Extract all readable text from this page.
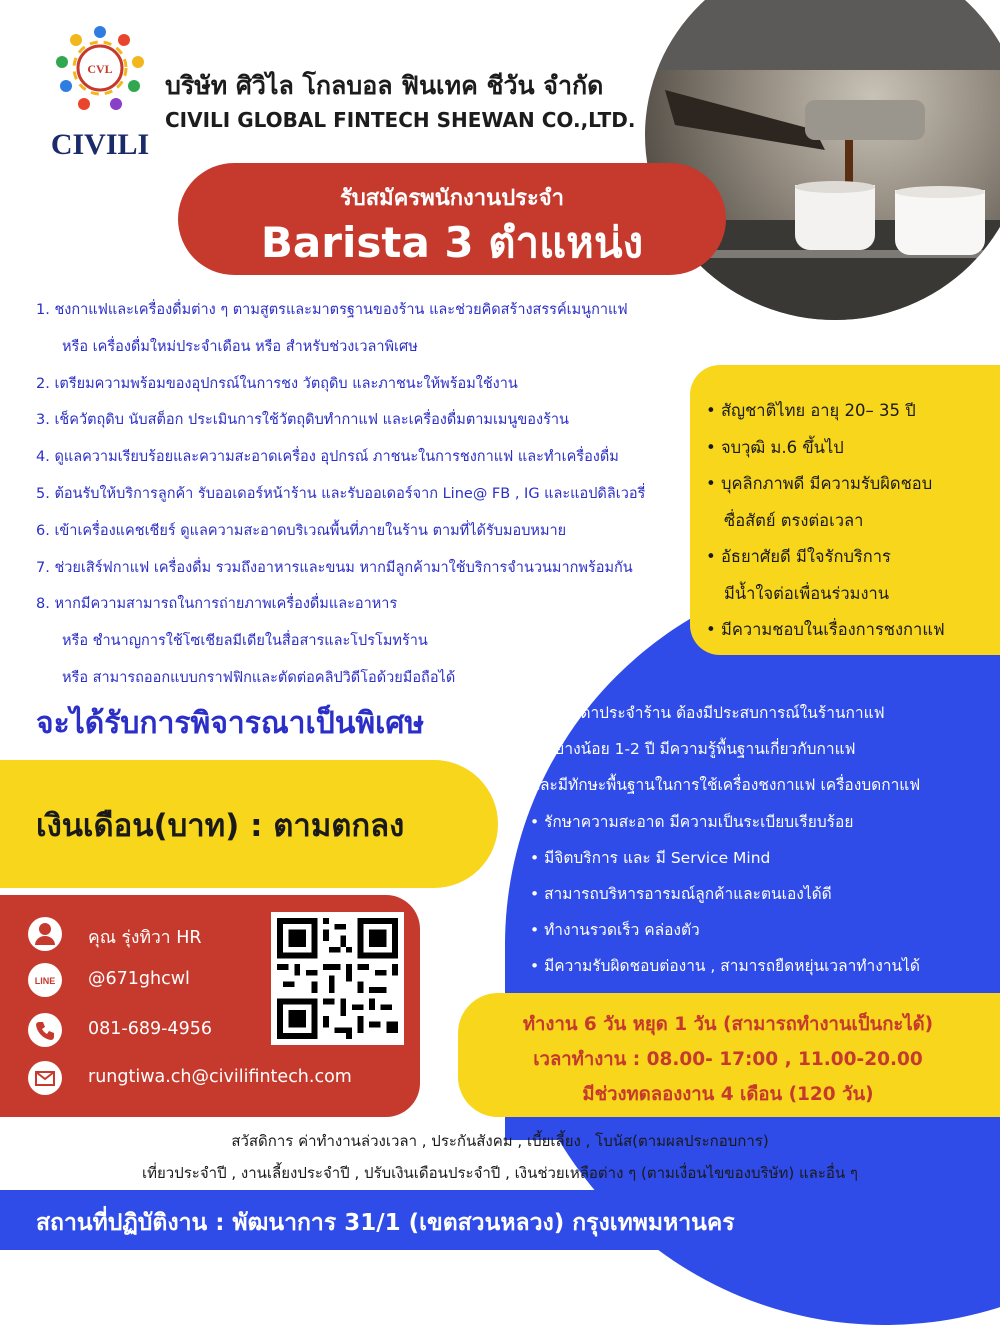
CVL
CIVILI
บริษัท ศิวิไล โกลบอล ฟินเทค ชีวัน จำกัด
CIVILI GLOBAL FINTECH SHEWAN CO.,LTD.
รับสมัครพนักงานประจำ
Barista 3 ตำแหน่ง
1. ชงกาแฟและเครื่องดื่มต่าง ๆ ตามสูตรและมาตรฐานของร้าน และช่วยคิดสร้างสรรค์เมนูกาแฟ
หรือ เครื่องดื่มใหม่ประจำเดือน หรือ สำหรับช่วงเวลาพิเศษ
2. เตรียมความพร้อมของอุปกรณ์ในการชง วัตถุดิบ และภาชนะให้พร้อมใช้งาน
3. เช็ควัตถุดิบ นับสต็อก ประเมินการใช้วัตถุดิบทำกาแฟ และเครื่องดื่มตามเมนูของร้าน
4. ดูแลความเรียบร้อยและความสะอาดเครื่อง อุปกรณ์ ภาชนะในการชงกาแฟ และทำเครื่องดื่ม
5. ต้อนรับให้บริการลูกค้า รับออเดอร์หน้าร้าน และรับออเดอร์จาก Line@ FB , IG และแอปดิลิเวอรี่
6. เข้าเครื่องแคชเชียร์ ดูแลความสะอาดบริเวณพื้นที่ภายในร้าน ตามที่ได้รับมอบหมาย
7. ช่วยเสิร์ฟกาแฟ เครื่องดื่ม รวมถึงอาหารและขนม หากมีลูกค้ามาใช้บริการจำนวนมากพร้อมกัน
8. หากมีความสามารถในการถ่ายภาพเครื่องดื่มและอาหาร
หรือ ชำนาญการใช้โซเชียลมีเดียในสื่อสารและโปรโมทร้าน
หรือ สามารถออกแบบกราฟฟิกและตัดต่อคลิปวิดีโอด้วยมือถือได้
• สัญชาติไทย อายุ 20– 35 ปี
• จบวุฒิ ม.6 ขึ้นไป
• บุคลิกภาพดี มีความรับผิดชอบ
ซื่อสัตย์ ตรงต่อเวลา
• อัธยาศัยดี มีใจรักบริการ
มีน้ำใจต่อเพื่อนร่วมงาน
• มีความชอบในเรื่องการชงกาแฟ
จะได้รับการพิจารณาเป็นพิเศษ
เงินเดือน(บาท) : ตามตกลง
• บาริสต้าประจำร้าน ต้องมีประสบการณ์ในร้านกาแฟ
อย่างน้อย 1-2 ปี มีความรู้พื้นฐานเกี่ยวกับกาแฟ
และมีทักษะพื้นฐานในการใช้เครื่องชงกาแฟ เครื่องบดกาแฟ
• รักษาความสะอาด มีความเป็นระเบียบเรียบร้อย
• มีจิตบริการ และ มี Service Mind
• สามารถบริหารอารมณ์ลูกค้าและตนเองได้ดี
• ทำงานรวดเร็ว คล่องตัว
• มีความรับผิดชอบต่องาน , สามารถยืดหยุ่นเวลาทำงานได้
คุณ รุ่งทิวา HR
LINE @671ghcwl
081-689-4956
rungtiwa.ch@civilifintech.com
ทำงาน 6 วัน หยุด 1 วัน (สามารถทำงานเป็นกะได้)
เวลาทำงาน : 08.00- 17:00 , 11.00-20.00
มีช่วงทดลองงาน 4 เดือน (120 วัน)
สวัสดิการ ค่าทำงานล่วงเวลา , ประกันสังคม , เบี้ยเลี้ยง , โบนัส(ตามผลประกอบการ)
เที่ยวประจำปี , งานเลี้ยงประจำปี , ปรับเงินเดือนประจำปี , เงินช่วยเหลือต่าง ๆ (ตามเงื่อนไขของบริษัท) และอื่น ๆ
สถานที่ปฏิบัติงาน : พัฒนาการ 31/1 (เขตสวนหลวง) กรุงเทพมหานคร
